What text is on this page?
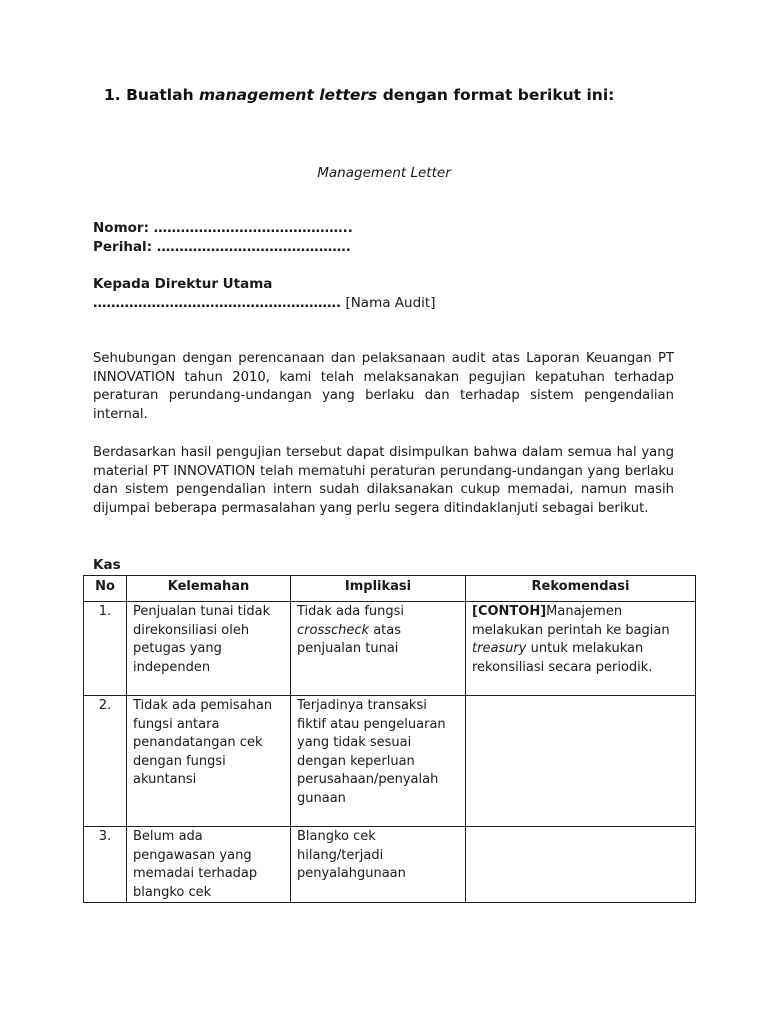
1. Buatlah management letters dengan format berikut ini:
Management Letter
Nomor: ……………………………………..
Perihal: …………………………………….
Kepada Direktur Utama
………………………………………………. [Nama Audit]
Sehubungan dengan perencanaan dan pelaksanaan audit atas Laporan Keuangan PT INNOVATION tahun 2010, kami telah melaksanakan pegujian kepatuhan terhadap peraturan perundang-undangan yang berlaku dan terhadap sistem pengendalian internal.
Berdasarkan hasil pengujian tersebut dapat disimpulkan bahwa dalam semua hal yang material PT INNOVATION telah mematuhi peraturan perundang-undangan yang berlaku dan sistem pengendalian intern sudah dilaksanakan cukup memadai, namun masih dijumpai beberapa permasalahan yang perlu segera ditindaklanjuti sebagai berikut.
Kas
No	Kelemahan	Implikasi	Rekomendasi
1.	Penjualan tunai tidak direkonsiliasi oleh petugas yang independen	Tidak ada fungsi crosscheck atas penjualan tunai	[CONTOH]Manajemen melakukan perintah ke bagian treasury untuk melakukan rekonsiliasi secara periodik.
2.	Tidak ada pemisahan fungsi antara penandatangan cek dengan fungsi akuntansi	Terjadinya transaksi fiktif atau pengeluaran yang tidak sesuai dengan keperluan perusahaan/penyalah gunaan	
3.	Belum ada pengawasan yang memadai terhadap blangko cek	Blangko cek hilang/terjadi penyalahgunaan	
